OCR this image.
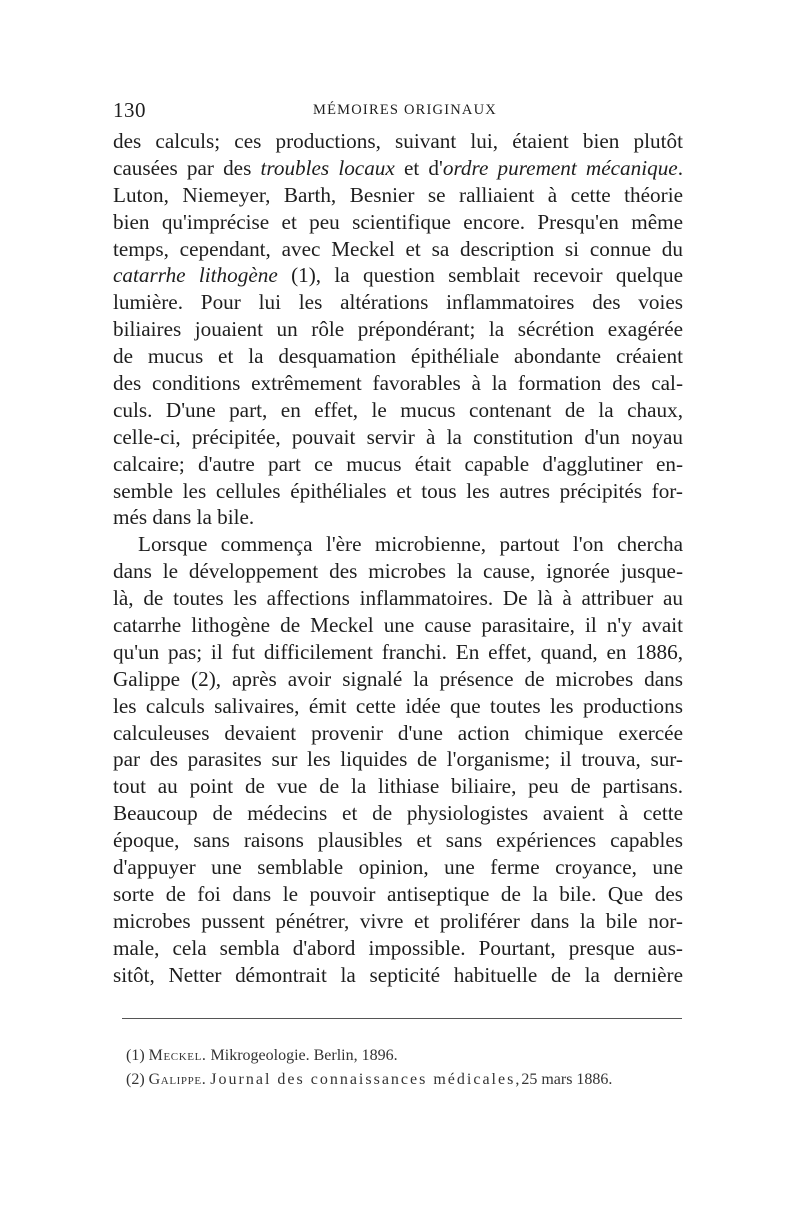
130	MÉMOIRES ORIGINAUX
des calculs; ces productions, suivant lui, étaient bien plutôt
causées par des troubles locaux et d'ordre purement mécanique.
Luton, Niemeyer, Barth, Besnier se ralliaient à cette théorie
bien qu'imprécise et peu scientifique encore. Presqu'en même
temps, cependant, avec Meckel et sa description si connue du
catarrhe lithogène (1), la question semblait recevoir quelque
lumière. Pour lui les altérations inflammatoires des voies
biliaires jouaient un rôle prépondérant; la sécrétion exagérée
de mucus et la desquamation épithéliale abondante créaient
des conditions extrêmement favorables à la formation des cal-
culs. D'une part, en effet, le mucus contenant de la chaux,
celle-ci, précipitée, pouvait servir à la constitution d'un noyau
calcaire; d'autre part ce mucus était capable d'agglutiner en-
semble les cellules épithéliales et tous les autres précipités for-
més dans la bile.
Lorsque commença l'ère microbienne, partout l'on chercha
dans le développement des microbes la cause, ignorée jusque-
là, de toutes les affections inflammatoires. De là à attribuer au
catarrhe lithogène de Meckel une cause parasitaire, il n'y avait
qu'un pas; il fut difficilement franchi. En effet, quand, en 1886,
Galippe (2), après avoir signalé la présence de microbes dans
les calculs salivaires, émit cette idée que toutes les productions
calculeuses devaient provenir d'une action chimique exercée
par des parasites sur les liquides de l'organisme; il trouva, sur-
tout au point de vue de la lithiase biliaire, peu de partisans.
Beaucoup de médecins et de physiologistes avaient à cette
époque, sans raisons plausibles et sans expériences capables
d'appuyer une semblable opinion, une ferme croyance, une
sorte de foi dans le pouvoir antiseptique de la bile. Que des
microbes pussent pénétrer, vivre et proliférer dans la bile nor-
male, cela sembla d'abord impossible. Pourtant, presque aus-
sitôt, Netter démontrait la septicité habituelle de la dernière
(1) Meckel. Mikrogeologie. Berlin, 1896.
(2) Galippe. Journal des connaissances médicales,25 mars 1886.
